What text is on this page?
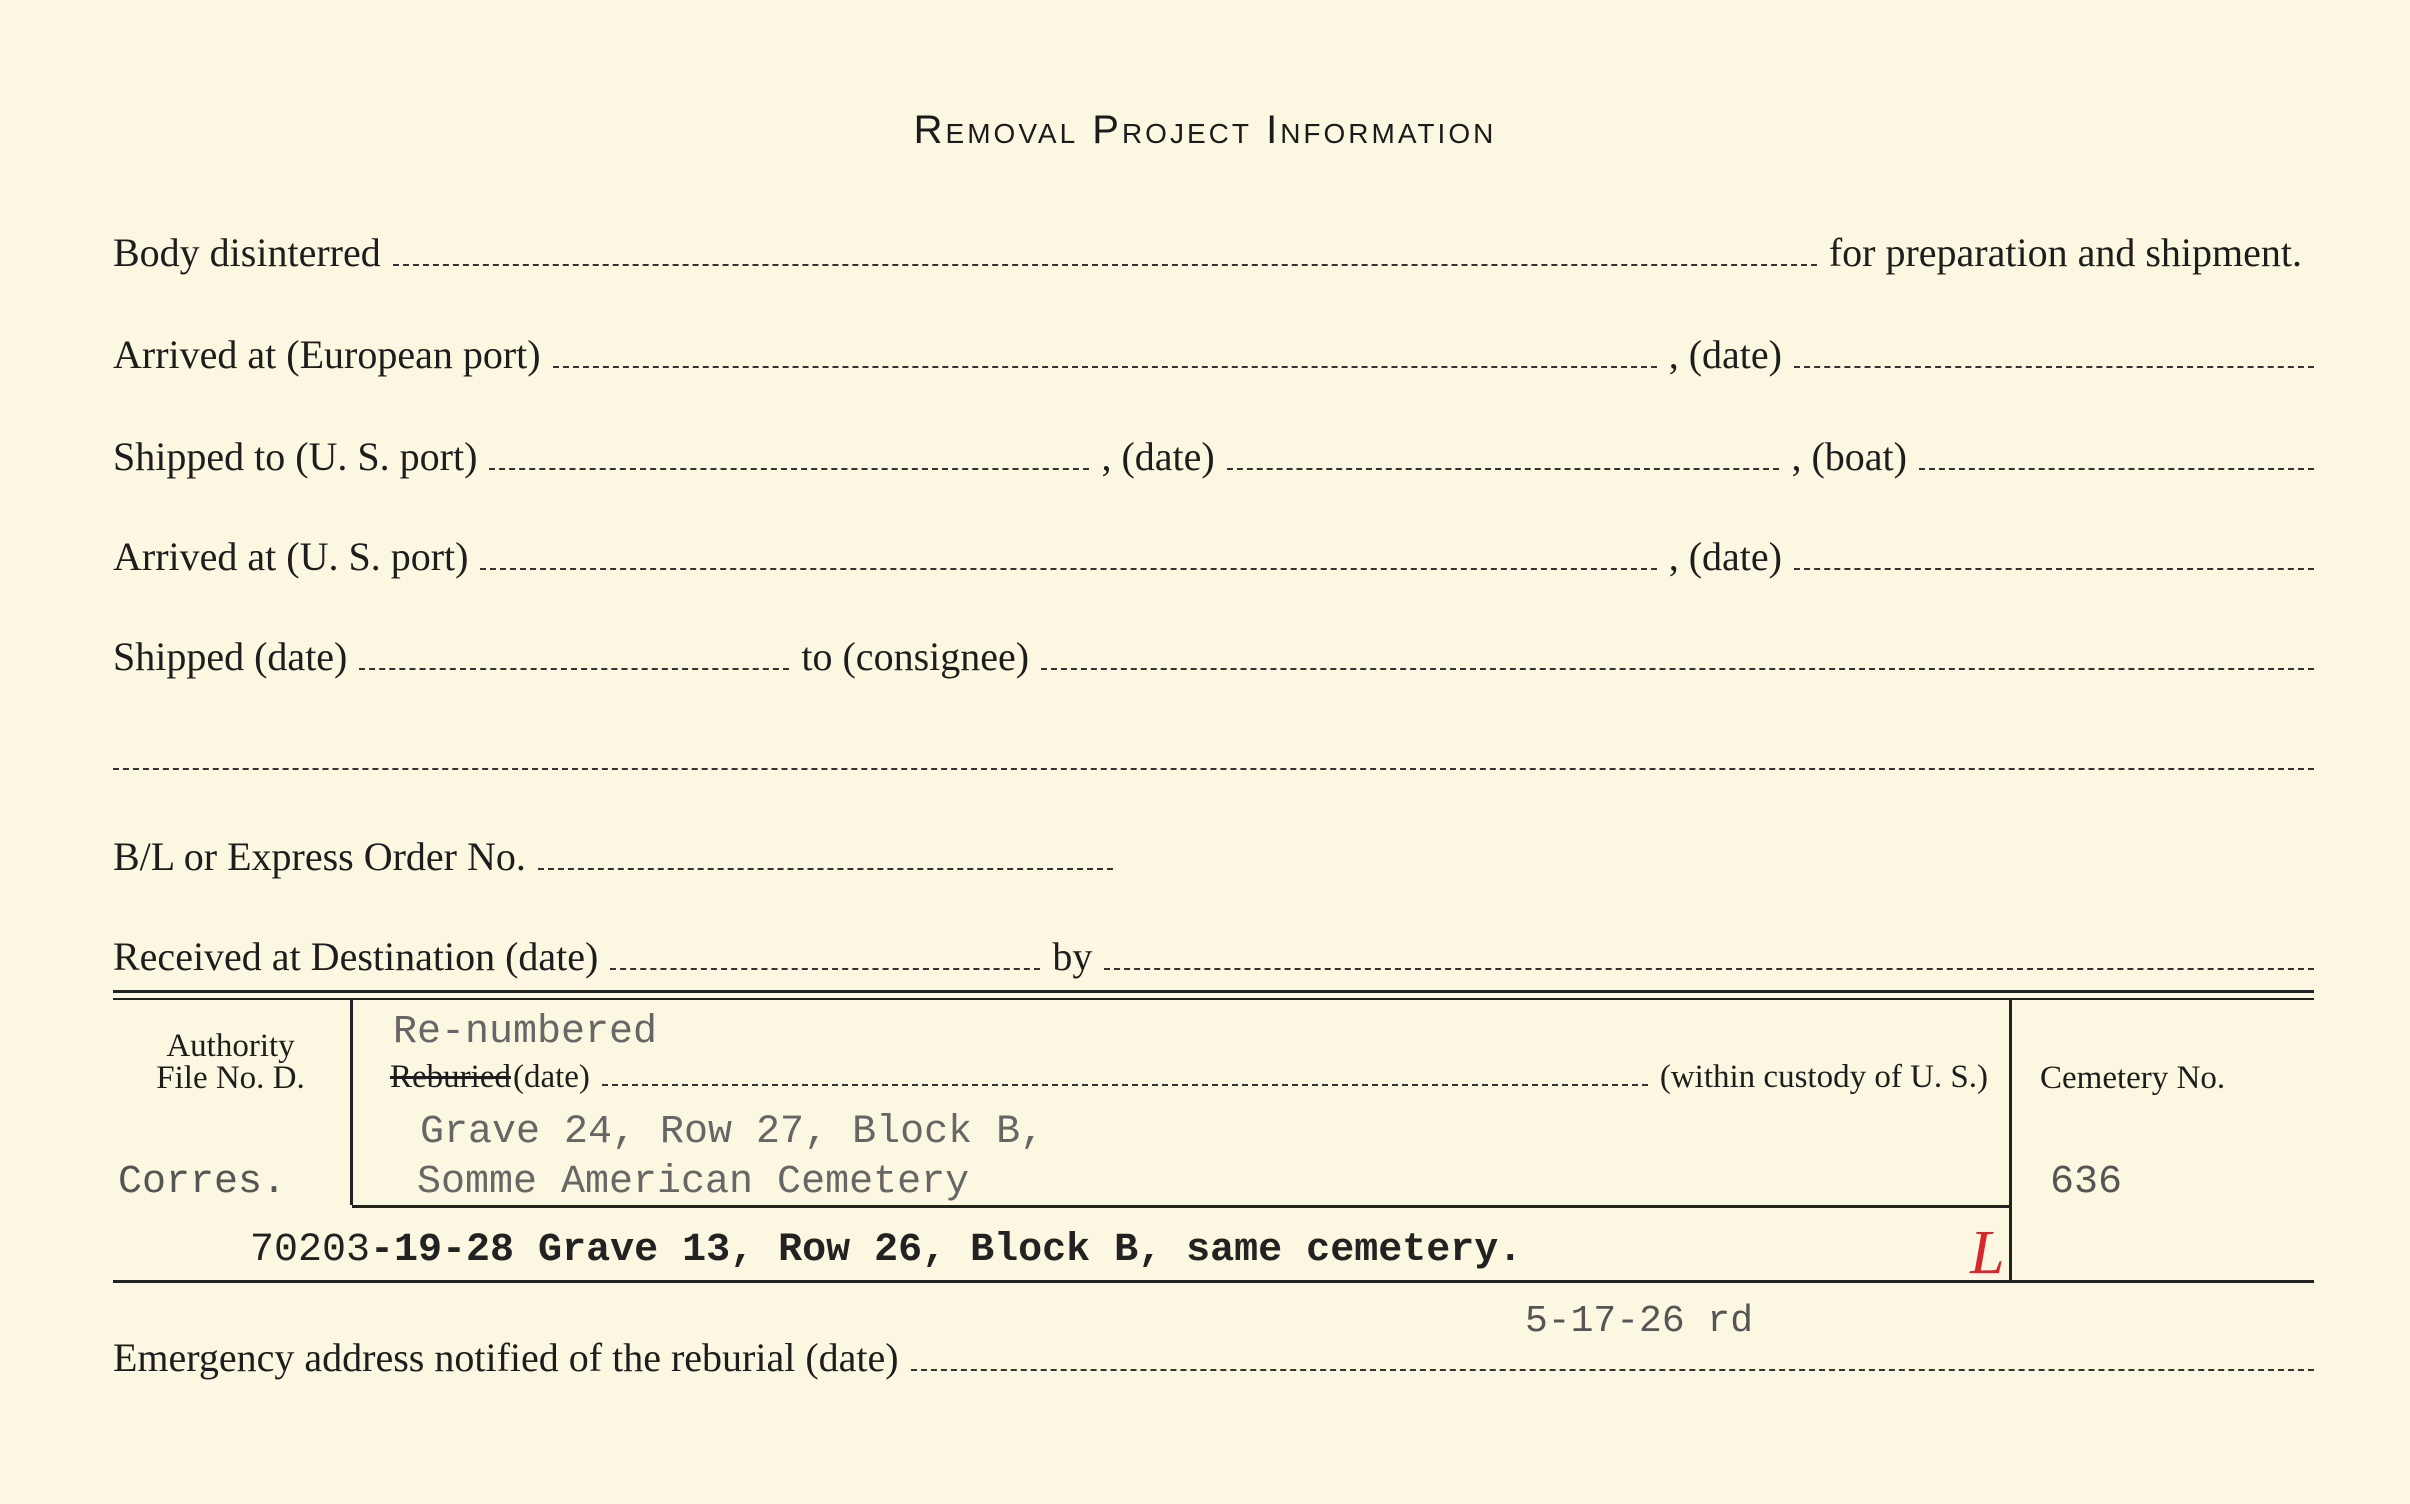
Removal Project Information
Body disinterred	for preparation and shipment.
Arrived at (European port)	, (date)
Shipped to (U. S. port)	, (date)	, (boat)
Arrived at (U. S. port)	, (date)
Shipped (date)	to (consignee)
B/L or Express Order No.
Received at Destination (date)	by
Authority
File No. D.
Corres.
Re-numbered
Reburied (date)	(within custody of U. S.)
Grave 24, Row 27, Block B,
Somme American Cemetery
Cemetery No.
636
70203-19-28 Grave 13, Row 26, Block B, same cemetery.	L
5-17-26 rd
Emergency address notified of the reburial (date)
